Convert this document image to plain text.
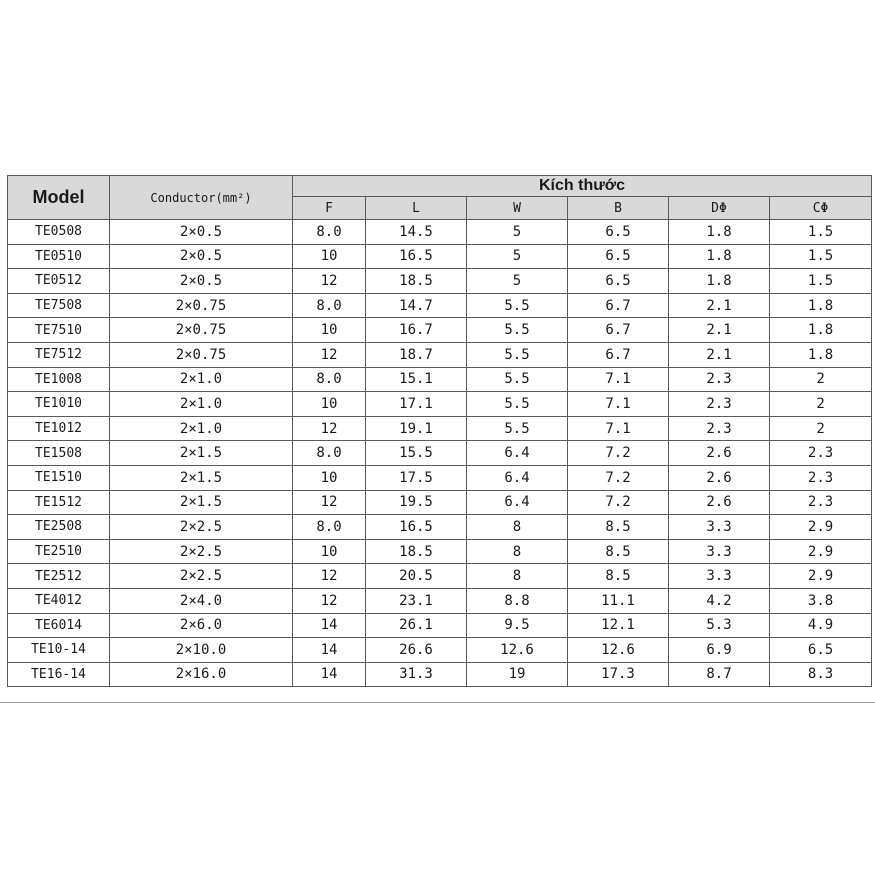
Model	Conductor(mm²)	Kích thước					
		F	L	W	B	DΦ	CΦ
TE0508	2×0.5	8.0	14.5	5	6.5	1.8	1.5
TE0510	2×0.5	10	16.5	5	6.5	1.8	1.5
TE0512	2×0.5	12	18.5	5	6.5	1.8	1.5
TE7508	2×0.75	8.0	14.7	5.5	6.7	2.1	1.8
TE7510	2×0.75	10	16.7	5.5	6.7	2.1	1.8
TE7512	2×0.75	12	18.7	5.5	6.7	2.1	1.8
TE1008	2×1.0	8.0	15.1	5.5	7.1	2.3	2
TE1010	2×1.0	10	17.1	5.5	7.1	2.3	2
TE1012	2×1.0	12	19.1	5.5	7.1	2.3	2
TE1508	2×1.5	8.0	15.5	6.4	7.2	2.6	2.3
TE1510	2×1.5	10	17.5	6.4	7.2	2.6	2.3
TE1512	2×1.5	12	19.5	6.4	7.2	2.6	2.3
TE2508	2×2.5	8.0	16.5	8	8.5	3.3	2.9
TE2510	2×2.5	10	18.5	8	8.5	3.3	2.9
TE2512	2×2.5	12	20.5	8	8.5	3.3	2.9
TE4012	2×4.0	12	23.1	8.8	11.1	4.2	3.8
TE6014	2×6.0	14	26.1	9.5	12.1	5.3	4.9
TE10-14	2×10.0	14	26.6	12.6	12.6	6.9	6.5
TE16-14	2×16.0	14	31.3	19	17.3	8.7	8.3
